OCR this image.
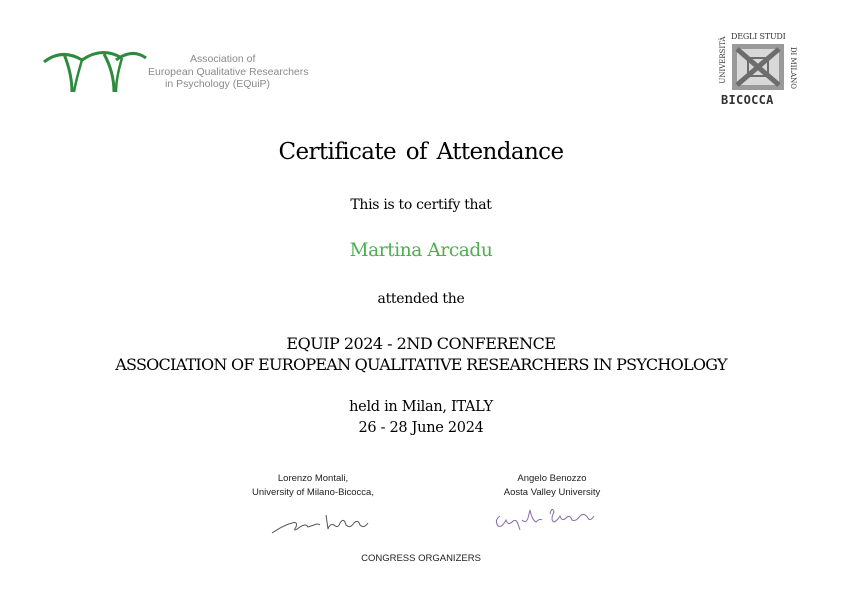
Association of
European Qualitative Researchers
in Psychology (EQuiP)
DEGLI STUDI
UNIVERSITÀ	DI MILANO
BICOCCA
Certificate of Attendance
This is to certify that
Martina Arcadu
attended the
EQUIP 2024 - 2ND CONFERENCE
ASSOCIATION OF EUROPEAN QUALITATIVE RESEARCHERS IN PSYCHOLOGY
held in Milan, ITALY
26 - 28 June 2024
Lorenzo Montali,
University of Milano-Bicocca,
Angelo Benozzo
Aosta Valley University
CONGRESS ORGANIZERS
